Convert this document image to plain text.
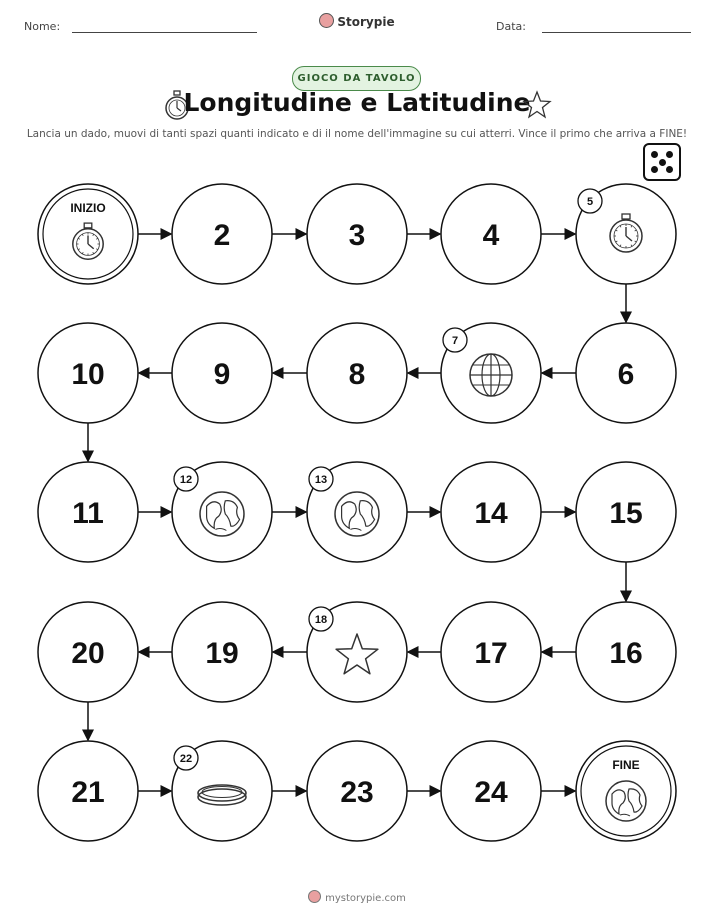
Nome:	Storypie	Data:
GIOCO DA TAVOLO
Longitudine e Latitudine
Lancia un dado, muovi di tanti spazi quanti indicato e di il nome dell'immagine su cui atterri. Vince il primo che arriva a FINE!
INIZIO
2	3	4
5
6
7
8
9
10
11
12	13
14	15
16
17
18
19
20
21
22
23	24
FINE
mystorypie.com
